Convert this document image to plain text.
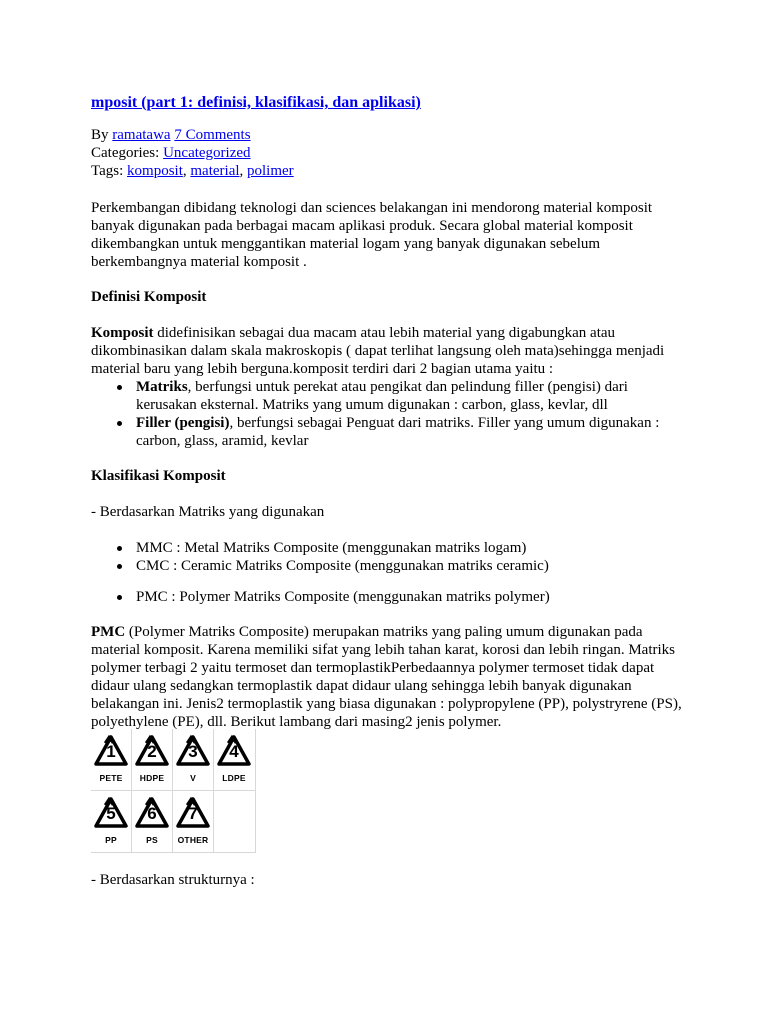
mposit (part 1: definisi, klasifikasi, dan aplikasi)
By ramatawa 7 Comments
Categories: Uncategorized
Tags: komposit, material, polimer
Perkembangan dibidang teknologi dan sciences belakangan ini mendorong material komposit banyak digunakan pada berbagai macam aplikasi produk. Secara global material komposit dikembangkan untuk menggantikan material logam yang banyak digunakan sebelum berkembangnya material komposit .
Definisi Komposit
Komposit didefinisikan sebagai dua macam atau lebih material yang digabungkan atau dikombinasikan dalam skala makroskopis ( dapat terlihat langsung oleh mata)sehingga menjadi material baru yang lebih berguna.komposit terdiri dari 2 bagian utama yaitu :
Matriks, berfungsi untuk perekat atau pengikat dan pelindung filler (pengisi) dari kerusakan eksternal. Matriks yang umum digunakan : carbon, glass, kevlar, dll
Filler (pengisi), berfungsi sebagai Penguat dari matriks. Filler yang umum digunakan : carbon, glass, aramid, kevlar
Klasifikasi Komposit
- Berdasarkan Matriks yang digunakan
MMC : Metal Matriks Composite (menggunakan matriks logam)
CMC : Ceramic Matriks Composite (menggunakan matriks ceramic)
PMC : Polymer Matriks Composite (menggunakan matriks polymer)
PMC (Polymer Matriks Composite) merupakan matriks yang paling umum digunakan pada material komposit. Karena memiliki sifat yang lebih tahan karat, korosi dan lebih ringan. Matriks polymer terbagi 2 yaitu termoset dan termoplastikPerbedaannya polymer termoset tidak dapat didaur ulang sedangkan termoplastik dapat didaur ulang sehingga lebih banyak digunakan belakangan ini. Jenis2 termoplastik yang biasa digunakan : polypropylene (PP), polystryrene (PS), polyethylene (PE), dll. Berikut lambang dari masing2 jenis polymer.
1
PETE
2
HDPE
3
V
4
LDPE
5
PP
6
PS
7
OTHER
- Berdasarkan strukturnya :
